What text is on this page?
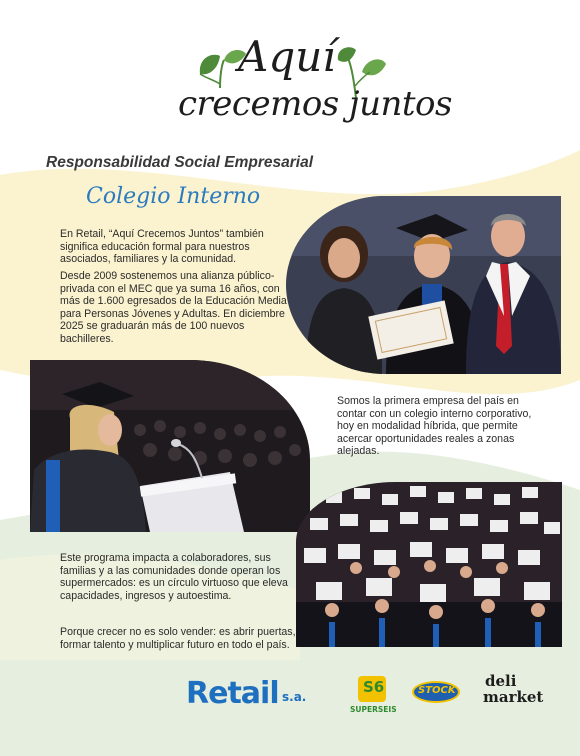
Aquí
crecemos juntos
Responsabilidad Social Empresarial
Colegio Interno
En Retail, “Aquí Crecemos Juntos” también significa educación formal para nuestros asociados, familiares y la comunidad.
Desde 2009 sostenemos una alianza público-privada con el MEC que ya suma 16 años, con más de 1.600 egresados de la Educación Media para Personas Jóvenes y Adultas. En diciembre 2025 se graduarán más de 100 nuevos bachilleres.
Somos la primera empresa del país en contar con un colegio interno corporativo, hoy en modalidad híbrida, que permite acercar oportunidades reales a zonas alejadas.
Este programa impacta a colaboradores, sus familias y a las comunidades donde operan los supermercados: es un círculo virtuoso que eleva capacidades, ingresos y autoestima.
Porque crecer no es solo vender: es abrir puertas, formar talento y multiplicar futuro en todo el país.
Retail s.a.
S6
SUPERSEIS
STOCK
deli
market
